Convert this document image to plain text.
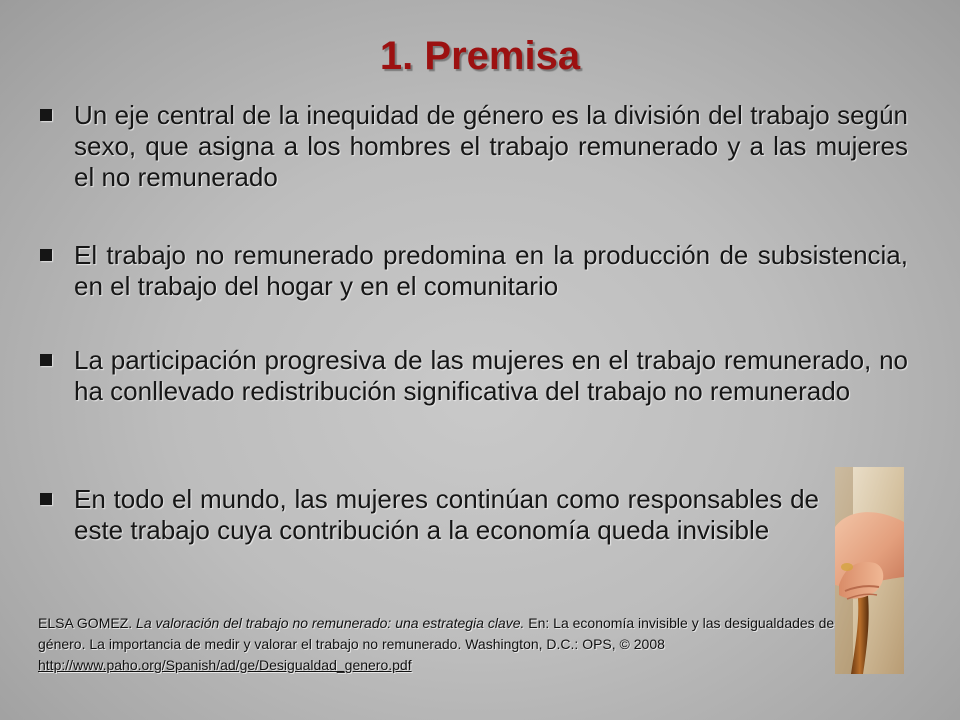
1. Premisa
Un eje central de la inequidad de género es la división del trabajo según sexo, que asigna a los hombres el trabajo remunerado y a las mujeres el no remunerado
El trabajo no remunerado predomina en la producción de subsistencia, en el trabajo del hogar y en el comunitario
La participación progresiva de las mujeres en el trabajo remunerado, no ha conllevado redistribución significativa del trabajo no remunerado
En todo el mundo, las mujeres continúan como responsables de este trabajo cuya contribución a la economía queda invisible
ELSA GOMEZ. La valoración del trabajo no remunerado: una estrategia clave. En: La economía invisible y las desigualdades de género. La importancia de medir y valorar el trabajo no remunerado. Washington, D.C.: OPS, © 2008 http://www.paho.org/Spanish/ad/ge/Desigualdad_genero.pdf
